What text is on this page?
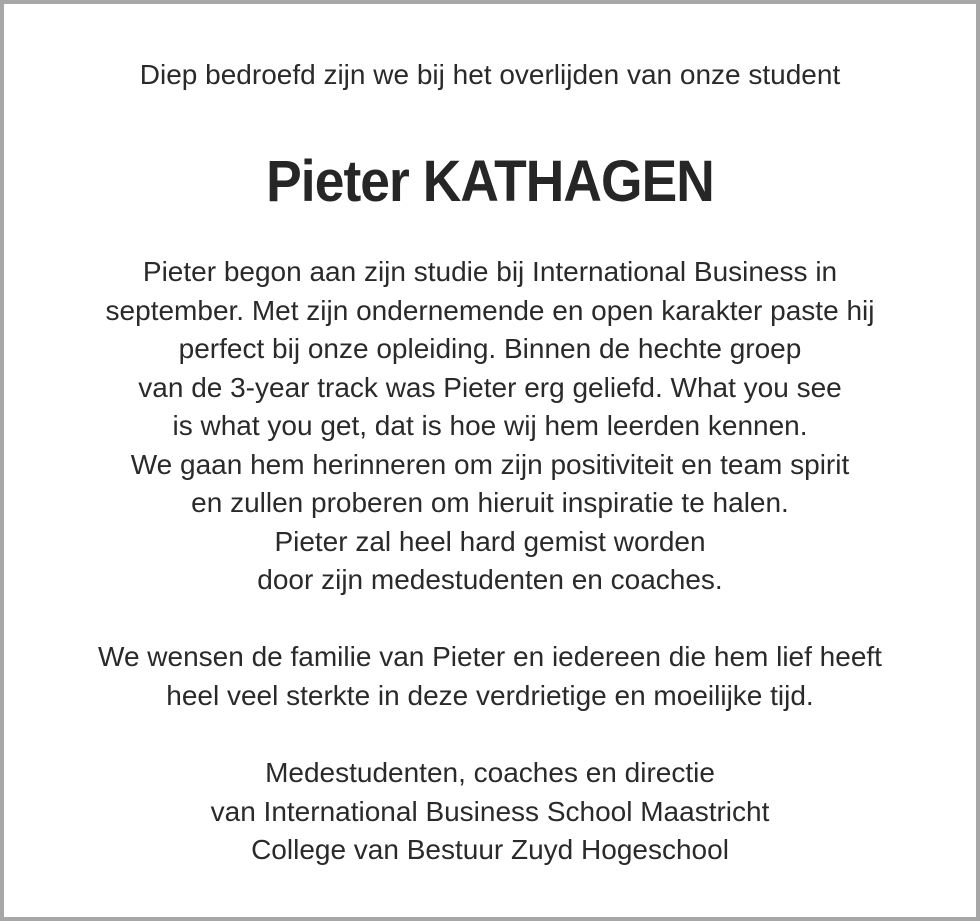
Diep bedroefd zijn we bij het overlijden van onze student

Pieter KATHAGEN

Pieter begon aan zijn studie bij International Business in
september. Met zijn ondernemende en open karakter paste hij
perfect bij onze opleiding. Binnen de hechte groep
van de 3-year track was Pieter erg geliefd. What you see
is what you get, dat is hoe wij hem leerden kennen.
We gaan hem herinneren om zijn positiviteit en team spirit
en zullen proberen om hieruit inspiratie te halen.
Pieter zal heel hard gemist worden
door zijn medestudenten en coaches.

We wensen de familie van Pieter en iedereen die hem lief heeft
heel veel sterkte in deze verdrietige en moeilijke tijd.

Medestudenten, coaches en directie
van International Business School Maastricht
College van Bestuur Zuyd Hogeschool
